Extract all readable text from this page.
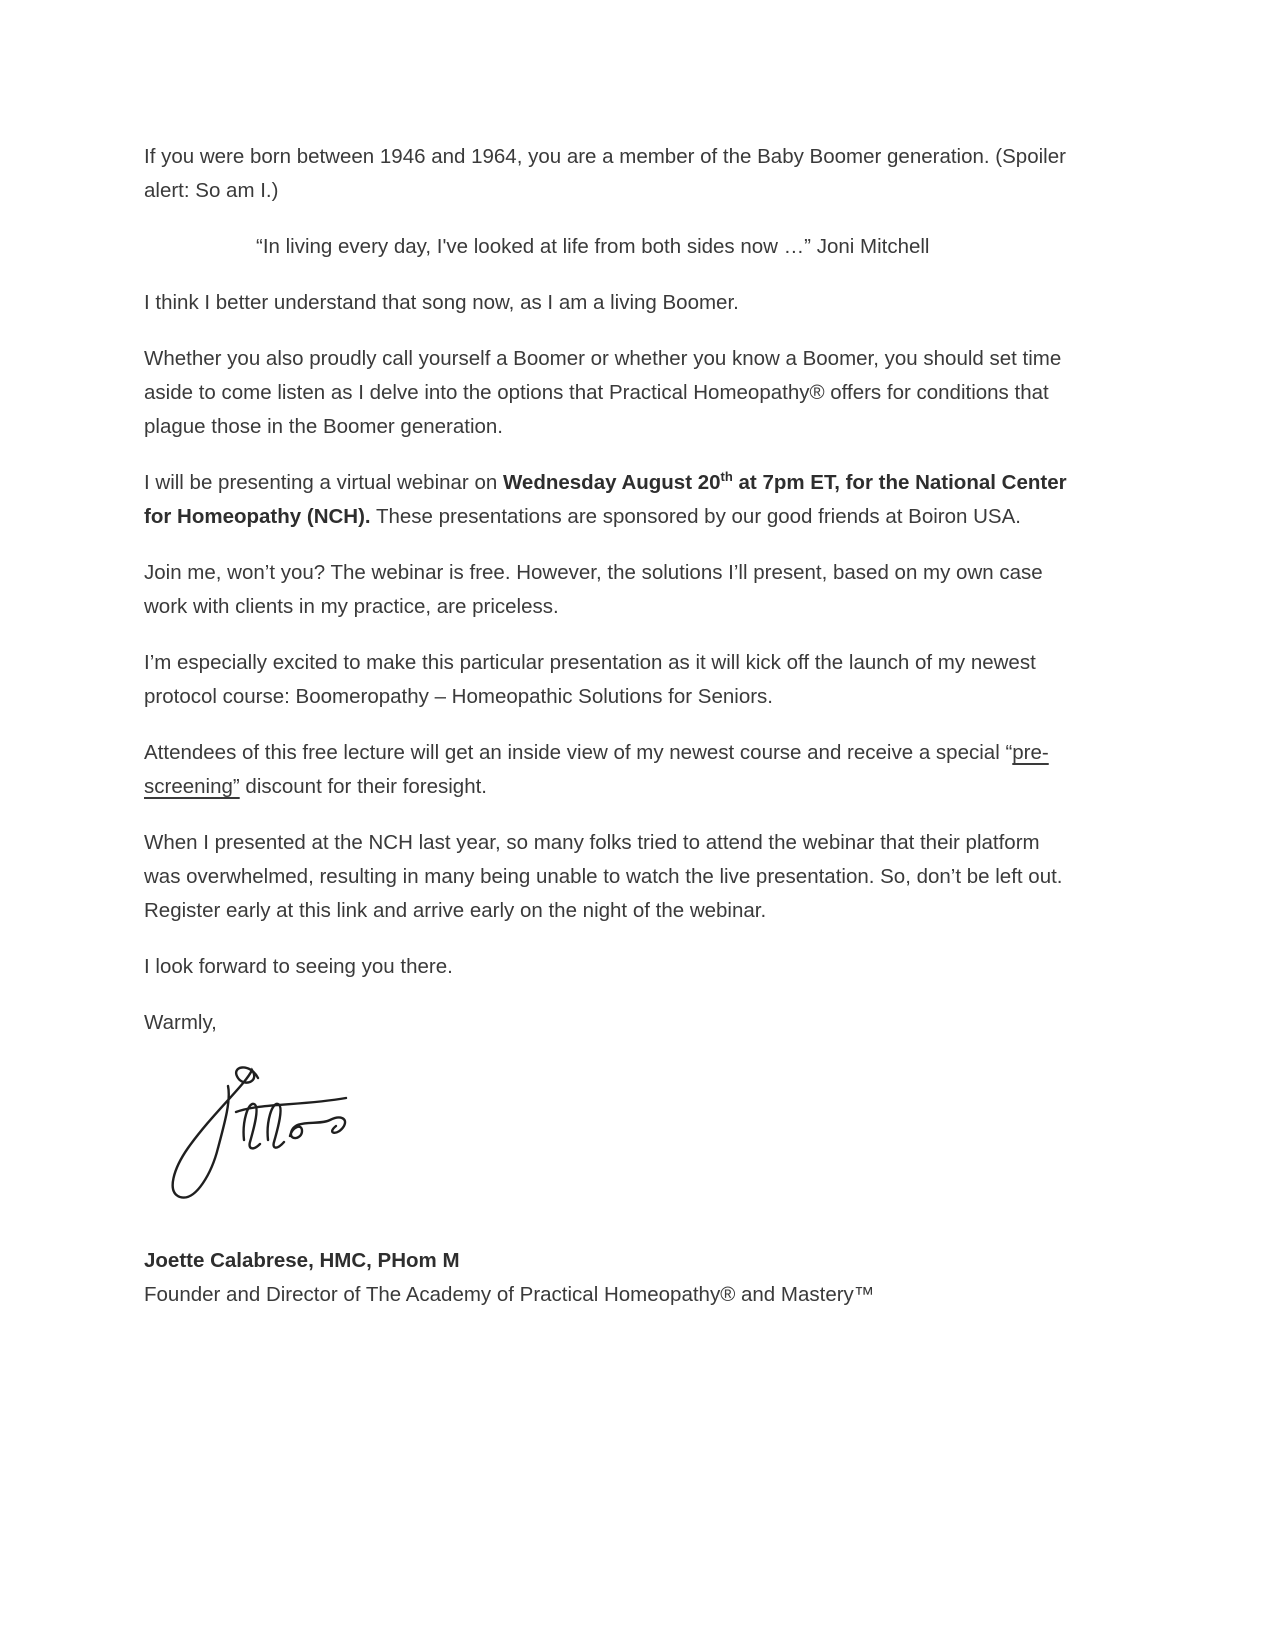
If you were born between 1946 and 1964, you are a member of the Baby Boomer generation. (Spoiler alert: So am I.)

“In living every day, I've looked at life from both sides now …” Joni Mitchell

I think I better understand that song now, as I am a living Boomer.

Whether you also proudly call yourself a Boomer or whether you know a Boomer, you should set time aside to come listen as I delve into the options that Practical Homeopathy® offers for conditions that plague those in the Boomer generation.

I will be presenting a virtual webinar on Wednesday August 20th at 7pm ET, for the National Center for Homeopathy (NCH). These presentations are sponsored by our good friends at Boiron USA.

Join me, won’t you? The webinar is free. However, the solutions I’ll present, based on my own case work with clients in my practice, are priceless.

I’m especially excited to make this particular presentation as it will kick off the launch of my newest protocol course: Boomeropathy – Homeopathic Solutions for Seniors.

Attendees of this free lecture will get an inside view of my newest course and receive a special “pre-screening” discount for their foresight.

When I presented at the NCH last year, so many folks tried to attend the webinar that their platform was overwhelmed, resulting in many being unable to watch the live presentation. So, don’t be left out. Register early at this link and arrive early on the night of the webinar.

I look forward to seeing you there.

Warmly,

Joette Calabrese, HMC, PHom M

Founder and Director of The Academy of Practical Homeopathy® and Mastery™
